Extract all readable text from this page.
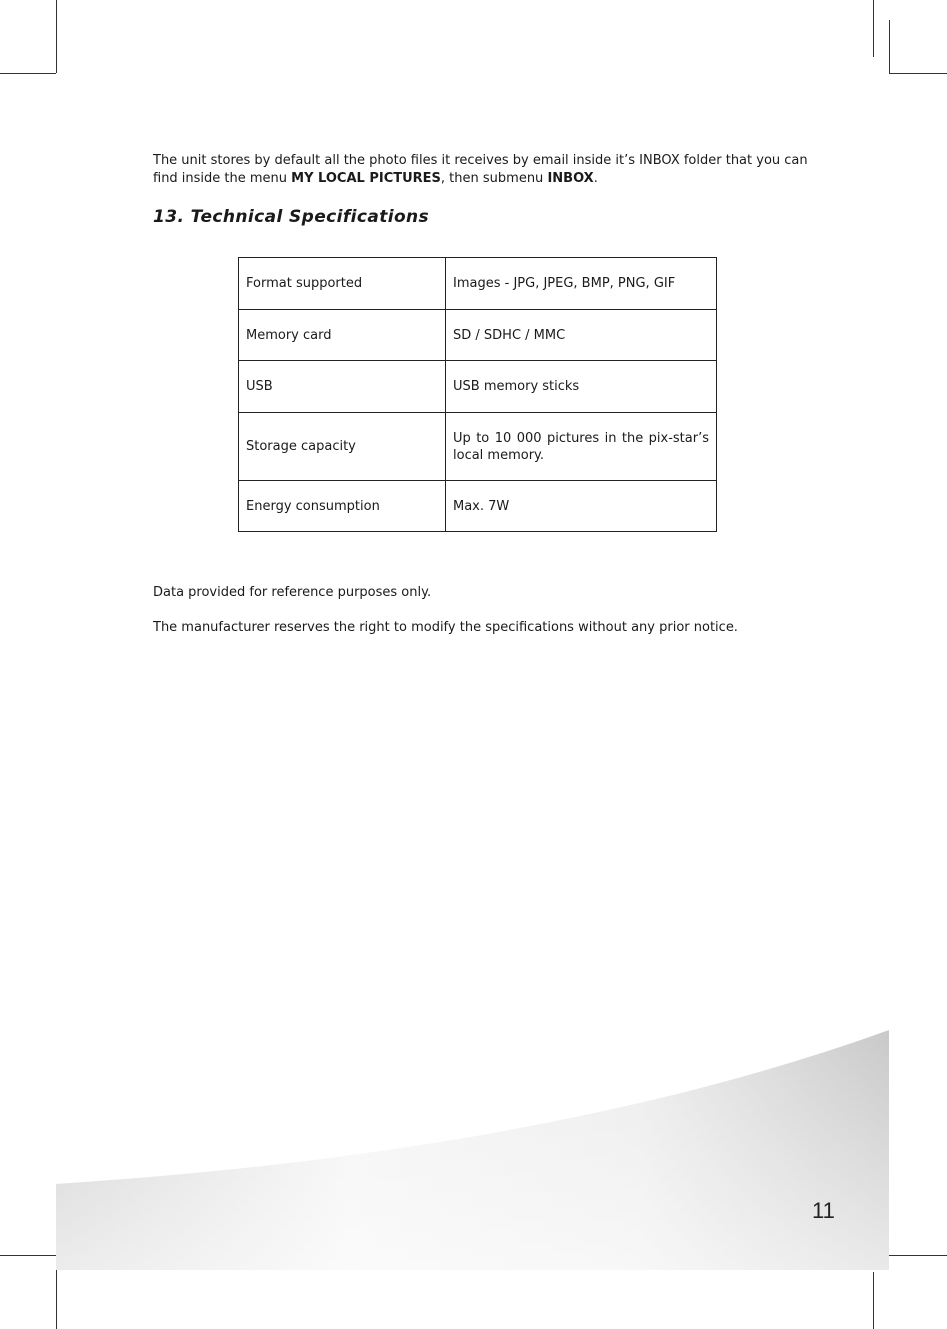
The unit stores by default all the photo files it receives by email inside it’s INBOX folder that you can find inside the menu MY LOCAL PICTURES, then submenu INBOX.

13. Technical Specifications
Format supported	Images - JPG, JPEG, BMP, PNG, GIF
Memory card	SD / SDHC / MMC
USB	USB memory sticks
Storage capacity	Up to 10 000 pictures in the pix-star’s local memory.
Energy consumption	Max. 7W

Data provided for reference purposes only.

The manufacturer reserves the right to modify the specifications without any prior notice.

11
